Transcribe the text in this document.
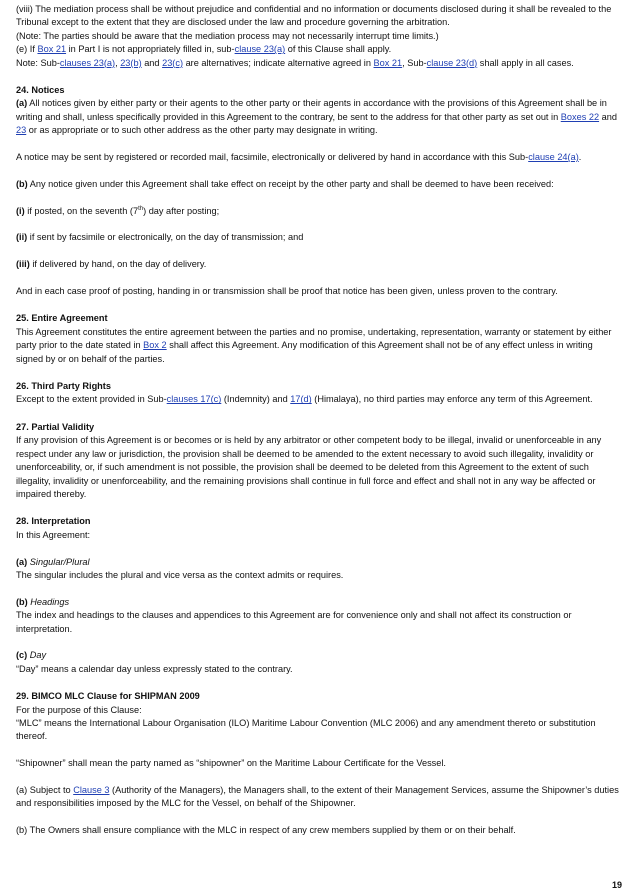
(viii) The mediation process shall be without prejudice and confidential and no information or documents disclosed during it shall be revealed to the Tribunal except to the extent that they are disclosed under the law and procedure governing the arbitration.

(Note: The parties should be aware that the mediation process may not necessarily interrupt time limits.)

(e) If Box 21 in Part I is not appropriately filled in, sub-clause 23(a) of this Clause shall apply.

Note: Sub-clauses 23(a), 23(b) and 23(c) are alternatives; indicate alternative agreed in Box 21, Sub-clause 23(d) shall apply in all cases.

24. Notices

(a) All notices given by either party or their agents to the other party or their agents in accordance with the provisions of this Agreement shall be in writing and shall, unless specifically provided in this Agreement to the contrary, be sent to the address for that other party as set out in Boxes 22 and 23 or as appropriate or to such other address as the other party may designate in writing.

A notice may be sent by registered or recorded mail, facsimile, electronically or delivered by hand in accordance with this Sub-clause 24(a).

(b) Any notice given under this Agreement shall take effect on receipt by the other party and shall be deemed to have been received:

(i) if posted, on the seventh (7th) day after posting;

(ii) if sent by facsimile or electronically, on the day of transmission; and

(iii) if delivered by hand, on the day of delivery.

And in each case proof of posting, handing in or transmission shall be proof that notice has been given, unless proven to the contrary.

25. Entire Agreement

This Agreement constitutes the entire agreement between the parties and no promise, undertaking, representation, warranty or statement by either party prior to the date stated in Box 2 shall affect this Agreement. Any modification of this Agreement shall not be of any effect unless in writing signed by or on behalf of the parties.

26. Third Party Rights

Except to the extent provided in Sub-clauses 17(c) (Indemnity) and 17(d) (Himalaya), no third parties may enforce any term of this Agreement.

27. Partial Validity

If any provision of this Agreement is or becomes or is held by any arbitrator or other competent body to be illegal, invalid or unenforceable in any respect under any law or jurisdiction, the provision shall be deemed to be amended to the extent necessary to avoid such illegality, invalidity or unenforceability, or, if such amendment is not possible, the provision shall be deemed to be deleted from this Agreement to the extent of such illegality, invalidity or unenforceability, and the remaining provisions shall continue in full force and effect and shall not in any way be affected or impaired thereby.

28. Interpretation

In this Agreement:

(a) Singular/Plural

The singular includes the plural and vice versa as the context admits or requires.

(b) Headings

The index and headings to the clauses and appendices to this Agreement are for convenience only and shall not affect its construction or interpretation.

(c) Day

“Day” means a calendar day unless expressly stated to the contrary.

29. BIMCO MLC Clause for SHIPMAN 2009

For the purpose of this Clause:

“MLC” means the International Labour Organisation (ILO) Maritime Labour Convention (MLC 2006) and any amendment thereto or substitution thereof.

“Shipowner” shall mean the party named as “shipowner” on the Maritime Labour Certificate for the Vessel.

(a) Subject to Clause 3 (Authority of the Managers), the Managers shall, to the extent of their Management Services, assume the Shipowner’s duties and responsibilities imposed by the MLC for the Vessel, on behalf of the Shipowner.

(b) The Owners shall ensure compliance with the MLC in respect of any crew members supplied by them or on their behalf.

19
